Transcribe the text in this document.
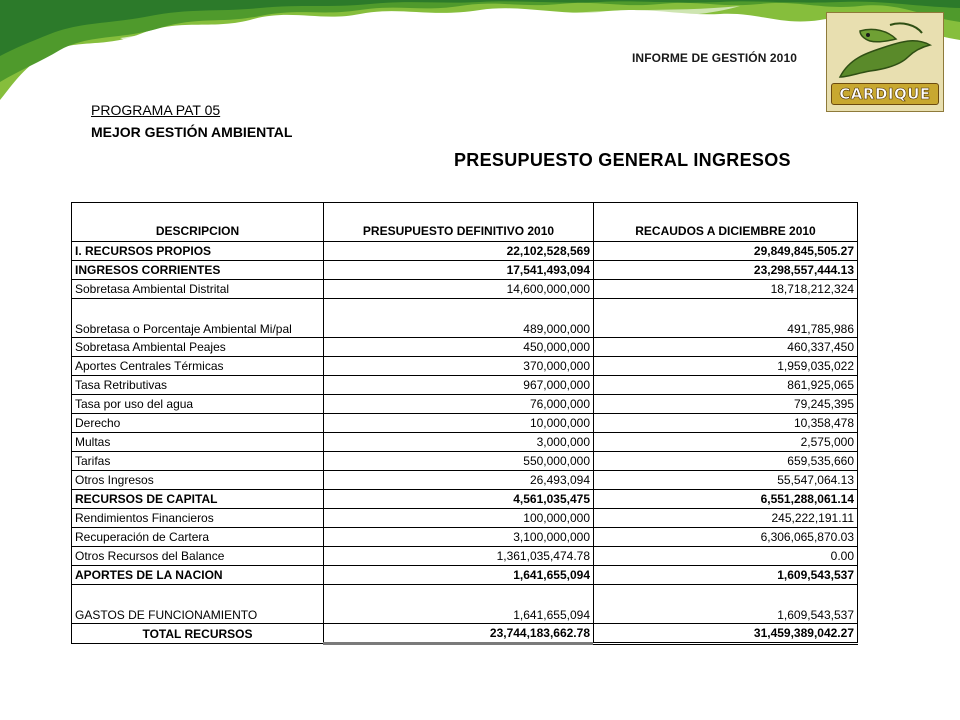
INFORME DE GESTIÓN 2010
CARDIQUE
PROGRAMA PAT 05
MEJOR GESTIÓN AMBIENTAL
PRESUPUESTO GENERAL INGRESOS
DESCRIPCION	PRESUPUESTO DEFINITIVO 2010	RECAUDOS A DICIEMBRE 2010
I. RECURSOS PROPIOS	22,102,528,569	29,849,845,505.27
INGRESOS CORRIENTES	17,541,493,094	23,298,557,444.13
Sobretasa Ambiental Distrital	14,600,000,000	18,718,212,324
Sobretasa o Porcentaje Ambiental Mi/pal	489,000,000	491,785,986
Sobretasa Ambiental Peajes	450,000,000	460,337,450
Aportes Centrales Térmicas	370,000,000	1,959,035,022
Tasa Retributivas	967,000,000	861,925,065
Tasa por uso del agua	76,000,000	79,245,395
Derecho	10,000,000	10,358,478
Multas	3,000,000	2,575,000
Tarifas	550,000,000	659,535,660
Otros Ingresos	26,493,094	55,547,064.13
RECURSOS DE CAPITAL	4,561,035,475	6,551,288,061.14
Rendimientos Financieros	100,000,000	245,222,191.11
Recuperación de Cartera	3,100,000,000	6,306,065,870.03
Otros Recursos del Balance	1,361,035,474.78	0.00
APORTES DE LA NACION	1,641,655,094	1,609,543,537
GASTOS DE FUNCIONAMIENTO	1,641,655,094	1,609,543,537
TOTAL RECURSOS	23,744,183,662.78	31,459,389,042.27
